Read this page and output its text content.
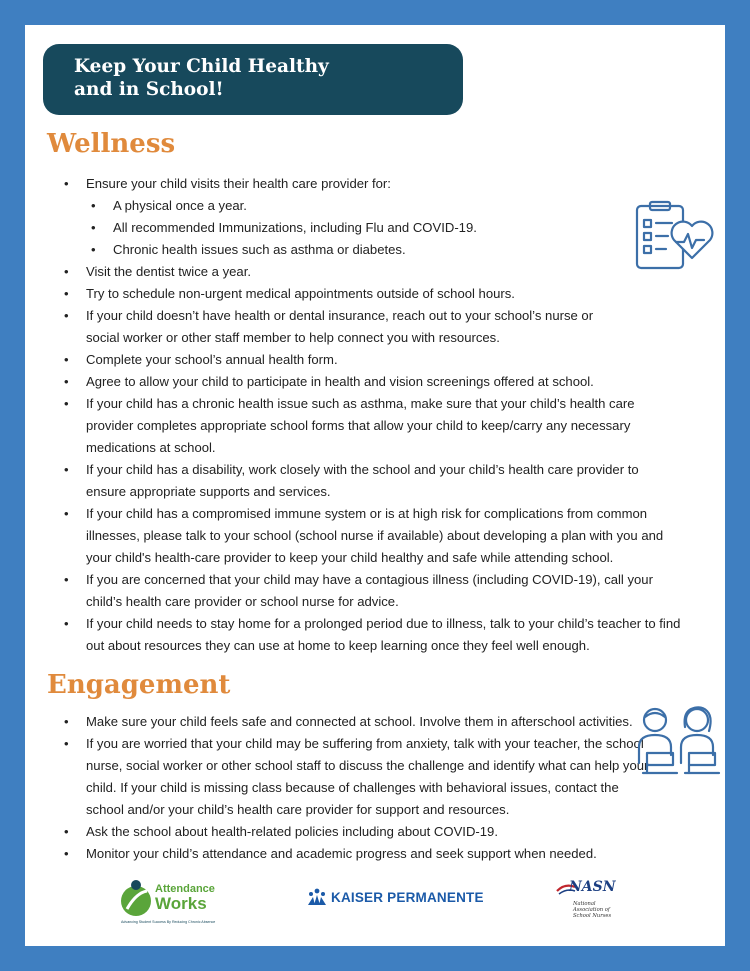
Keep Your Child Healthy
and in School!
Wellness
• Ensure your child visits their health care provider for:
• A physical once a year.
• All recommended Immunizations, including Flu and COVID-19.
• Chronic health issues such as asthma or diabetes.
• Visit the dentist twice a year.
• Try to schedule non-urgent medical appointments outside of school hours.
• If your child doesn’t have health or dental insurance, reach out to your school’s nurse or social worker or other staff member to help connect you with resources.
• Complete your school’s annual health form.
• Agree to allow your child to participate in health and vision screenings offered at school.
• If your child has a chronic health issue such as asthma, make sure that your child’s health care provider completes appropriate school forms that allow your child to keep/carry any necessary medications at school.
• If your child has a disability, work closely with the school and your child’s health care provider to ensure appropriate supports and services.
• If your child has a compromised immune system or is at high risk for complications from common illnesses, please talk to your school (school nurse if available) about developing a plan with you and your child's health-care provider to keep your child healthy and safe while attending school.
• If you are concerned that your child may have a contagious illness (including COVID-19), call your child’s health care provider or school nurse for advice.
• If your child needs to stay home for a prolonged period due to illness, talk to your child’s teacher to find out about resources they can use at home to keep learning once they feel well enough.
Engagement
• Make sure your child feels safe and connected at school. Involve them in afterschool activities.
• If you are worried that your child may be suffering from anxiety, talk with your teacher, the school nurse, social worker or other school staff to discuss the challenge and identify what can help your child. If your child is missing class because of challenges with behavioral issues, contact the school and/or your child’s health care provider for support and resources.
• Ask the school about health-related policies including about COVID-19.
• Monitor your child’s attendance and academic progress and seek support when needed.
Attendance
Works
Advancing Student Success By Reducing Chronic Absence
KAISER PERMANENTE
NASN
National Association of School Nurses
